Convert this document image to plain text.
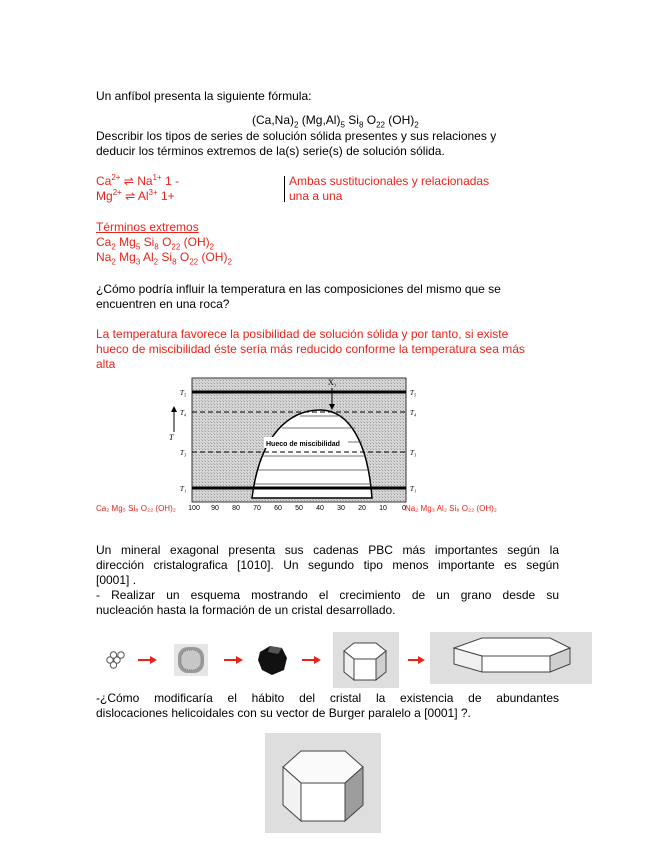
Un anfíbol presenta la siguiente fórmula:
$(Ca,Na)_2$ $(Mg,Al)_5$ $Si_8$ $O_{22}$ $(OH)_2$
Describir los tipos de series de solución sólida presentes y sus relaciones y
deducir los términos extremos de la(s) serie(s) de solución sólida.
$Ca^{2+}$ ⇌ $Na^{1+}$ 1 -
$Mg^{2+}$ ⇌ $Al^{3+}$ 1+
Ambas sustitucionales y relacionadas
una a una
Términos extremos
$Ca_2$ $Mg_5$ $Si_8$ $O_{22}$ $(OH)_2$
$Na_2$ $Mg_3$ $Al_2$ $Si_8$ $O_{22}$ $(OH)_2$
¿Cómo podría influir la temperatura en las composiciones del mismo que se
encuentren en una roca?
La temperatura favorece la posibilidad de solución sólida y por tanto, si existe
hueco de miscibilidad éste sería más reducido conforme la temperatura sea más
alta
X₁
Hueco de miscibilidad
T
T₅
T₄
T₃
T₁
T₅
T₄
T₃
T₁
100 90 80 70 60 50 40 30 20 10 0
Ca₂ Mg₅ Si₈ O₂₂ (OH)₂	Na₂ Mg₃ Al₂ Si₈ O₂₂ (OH)₂
Un mineral exagonal presenta sus cadenas PBC más importantes según la
dirección cristalografica [1010]. Un segundo tipo menos importante es según
[0001] .
- Realizar un esquema mostrando el crecimiento de un grano desde su
nucleación hasta la formación de un cristal desarrollado.
-¿Cómo modificaría el hábito del cristal la existencia de abundantes
dislocaciones helicoidales con su vector de Burger paralelo a [0001] ?.
